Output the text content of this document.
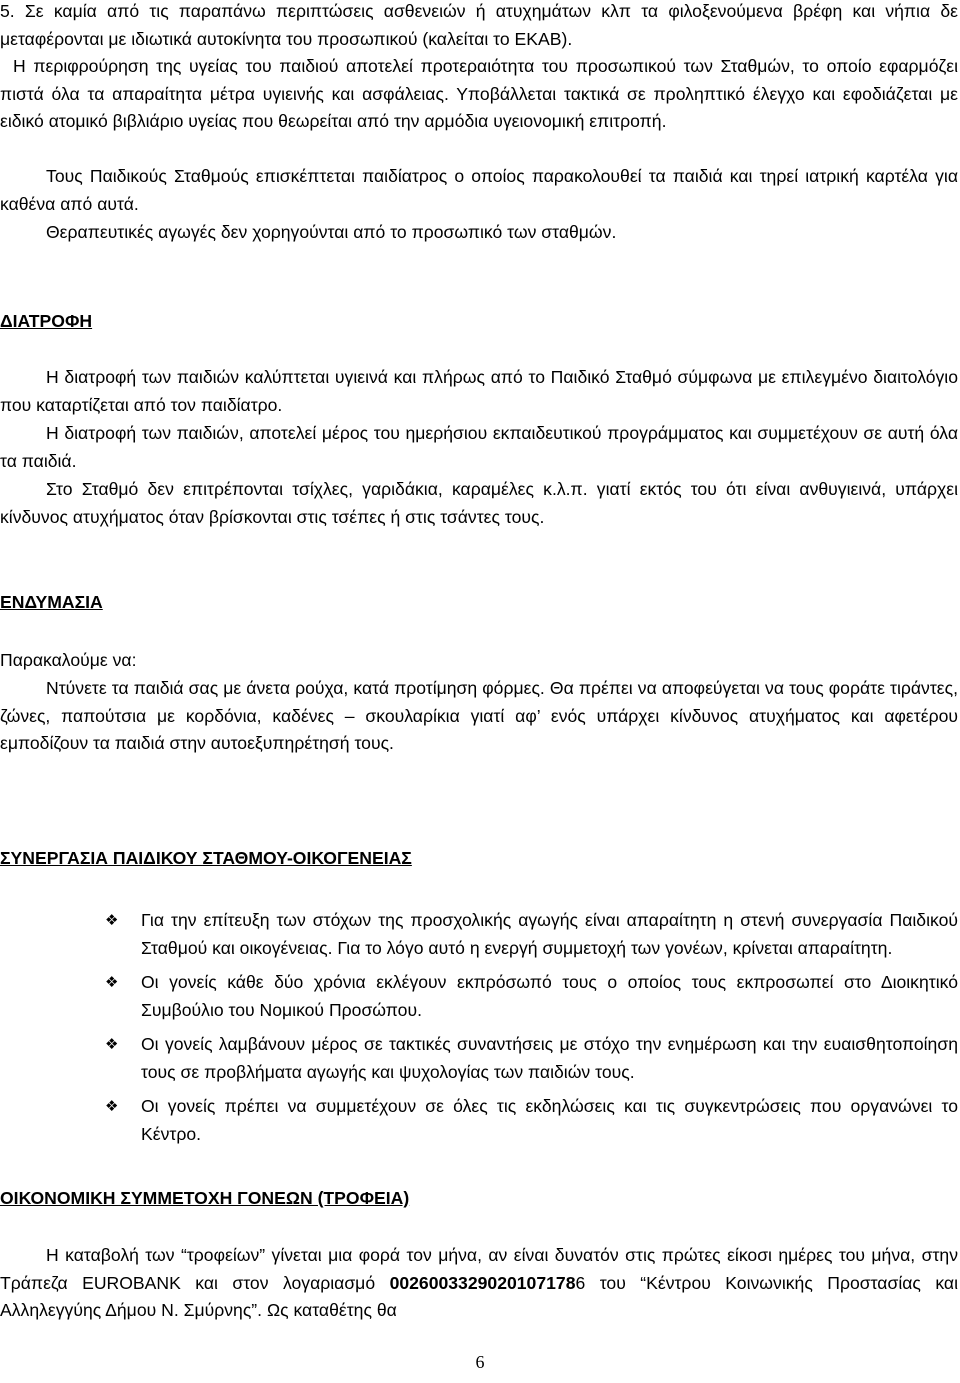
5. Σε καμία από τις παραπάνω περιπτώσεις ασθενειών ή ατυχημάτων κλπ τα φιλοξενούμενα βρέφη και νήπια δε μεταφέρονται με ιδιωτικά αυτοκίνητα του προσωπικού (καλείται το ΕΚΑΒ).

Η περιφρούρηση της υγείας του παιδιού αποτελεί προτεραιότητα του προσωπικού των Σταθμών, το οποίο εφαρμόζει πιστά όλα τα απαραίτητα μέτρα υγιεινής και ασφάλειας. Υποβάλλεται τακτικά σε προληπτικό έλεγχο και εφοδιάζεται με ειδικό ατομικό βιβλιάριο υγείας που θεωρείται από την αρμόδια υγειονομική επιτροπή.

Τους Παιδικούς Σταθμούς επισκέπτεται παιδίατρος ο οποίος παρακολουθεί τα παιδιά και τηρεί ιατρική καρτέλα για καθένα από αυτά.

Θεραπευτικές αγωγές δεν χορηγούνται από το προσωπικό των σταθμών.

ΔΙΑΤΡΟΦΗ

Η διατροφή των παιδιών καλύπτεται υγιεινά και πλήρως από το Παιδικό Σταθμό σύμφωνα με επιλεγμένο διαιτολόγιο που καταρτίζεται από τον παιδίατρο.

Η διατροφή των παιδιών, αποτελεί μέρος του ημερήσιου εκπαιδευτικού προγράμματος και συμμετέχουν σε αυτή όλα τα παιδιά.

Στο Σταθμό δεν επιτρέπονται τσίχλες, γαριδάκια, καραμέλες κ.λ.π. γιατί εκτός του ότι είναι ανθυγιεινά, υπάρχει κίνδυνος ατυχήματος όταν βρίσκονται στις τσέπες ή στις τσάντες τους.

ΕΝΔΥΜΑΣΙΑ

Παρακαλούμε να:

Ντύνετε τα παιδιά σας με άνετα ρούχα, κατά προτίμηση φόρμες. Θα πρέπει να αποφεύγεται να τους φοράτε τιράντες, ζώνες, παπούτσια με κορδόνια, καδένες – σκουλαρίκια γιατί αφ’ ενός υπάρχει κίνδυνος ατυχήματος και αφετέρου εμποδίζουν τα παιδιά στην αυτοεξυπηρέτησή τους.

ΣΥΝΕΡΓΑΣΙΑ ΠΑΙΔΙΚΟΥ ΣΤΑΘΜΟΥ-ΟΙΚΟΓΕΝΕΙΑΣ
❖ Για την επίτευξη των στόχων της προσχολικής αγωγής είναι απαραίτητη η στενή συνεργασία Παιδικού Σταθμού και οικογένειας. Για το λόγο αυτό η ενεργή συμμετοχή των γονέων, κρίνεται απαραίτητη.
❖ Οι γονείς κάθε δύο χρόνια εκλέγουν εκπρόσωπό τους ο οποίος τους εκπροσωπεί στο Διοικητικό Συμβούλιο του Νομικού Προσώπου.
❖ Οι γονείς λαμβάνουν μέρος σε τακτικές συναντήσεις με στόχο την ενημέρωση και την ευαισθητοποίηση τους σε προβλήματα αγωγής και ψυχολογίας των παιδιών τους.
❖ Οι γονείς πρέπει να συμμετέχουν σε όλες τις εκδηλώσεις και τις συγκεντρώσεις που οργανώνει το Κέντρο.
ΟΙΚΟΝΟΜΙΚΗ ΣΥΜΜΕΤΟΧΗ ΓΟΝΕΩΝ (ΤΡΟΦΕΙΑ)

Η καταβολή των “τροφείων” γίνεται μια φορά τον μήνα, αν είναι δυνατόν στις πρώτες είκοσι ημέρες του μήνα, στην Τράπεζα EUROBANK και στον λογαριασμό 00260033290201071786 του “Κέντρου Κοινωνικής Προστασίας και Αλληλεγγύης Δήμου Ν. Σμύρνης”. Ως καταθέτης θα

6
